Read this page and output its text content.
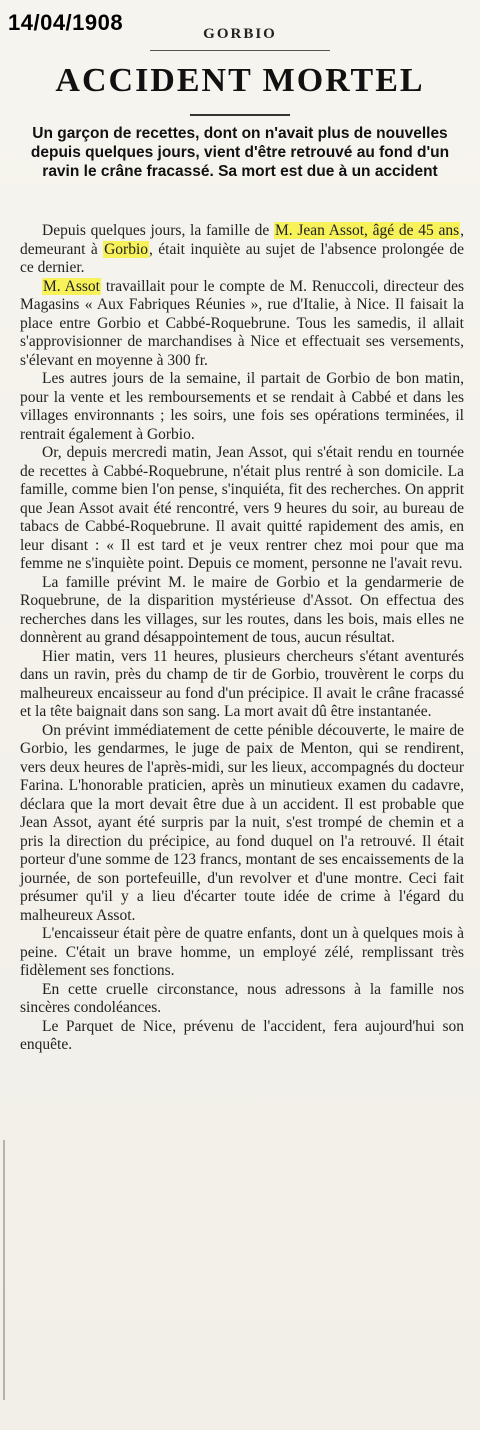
14/04/1908	GORBIO
ACCIDENT MORTEL
Un garçon de recettes, dont on n'avait plus de nouvelles depuis quelques jours, vient d'être retrouvé au fond d'un ravin le crâne fracassé. Sa mort est due à un accident

Depuis quelques jours, la famille de M. Jean Assot, âgé de 45 ans, demeurant à Gorbio, était inquiète au sujet de l'absence prolongée de ce dernier.

M. Assot travaillait pour le compte de M. Renuccoli, directeur des Magasins « Aux Fabriques Réunies », rue d'Italie, à Nice. Il faisait la place entre Gorbio et Cabbé-Roquebrune. Tous les samedis, il allait s'approvisionner de marchandises à Nice et effectuait ses versements, s'élevant en moyenne à 300 fr.

Les autres jours de la semaine, il partait de Gorbio de bon matin, pour la vente et les remboursements et se rendait à Cabbé et dans les villages environnants ; les soirs, une fois ses opérations terminées, il rentrait également à Gorbio.

Or, depuis mercredi matin, Jean Assot, qui s'était rendu en tournée de recettes à Cabbé-Roquebrune, n'était plus rentré à son domicile. La famille, comme bien l'on pense, s'inquiéta, fit des recherches. On apprit que Jean Assot avait été rencontré, vers 9 heures du soir, au bureau de tabacs de Cabbé-Roquebrune. Il avait quitté rapidement des amis, en leur disant : « Il est tard et je veux rentrer chez moi pour que ma femme ne s'inquiète point. Depuis ce moment, personne ne l'avait revu.

La famille prévint M. le maire de Gorbio et la gendarmerie de Roquebrune, de la disparition mystérieuse d'Assot. On effectua des recherches dans les villages, sur les routes, dans les bois, mais elles ne donnèrent au grand désappointement de tous, aucun résultat.

Hier matin, vers 11 heures, plusieurs chercheurs s'étant aventurés dans un ravin, près du champ de tir de Gorbio, trouvèrent le corps du malheureux encaisseur au fond d'un précipice. Il avait le crâne fracassé et la tête baignait dans son sang. La mort avait dû être instantanée.

On prévint immédiatement de cette pénible découverte, le maire de Gorbio, les gendarmes, le juge de paix de Menton, qui se rendirent, vers deux heures de l'après-midi, sur les lieux, accompagnés du docteur Farina. L'honorable praticien, après un minutieux examen du cadavre, déclara que la mort devait être due à un accident. Il est probable que Jean Assot, ayant été surpris par la nuit, s'est trompé de chemin et a pris la direction du précipice, au fond duquel on l'a retrouvé. Il était porteur d'une somme de 123 francs, montant de ses encaissements de la journée, de son portefeuille, d'un revolver et d'une montre. Ceci fait présumer qu'il y a lieu d'écarter toute idée de crime à l'égard du malheureux Assot.

L'encaisseur était père de quatre enfants, dont un à quelques mois à peine. C'était un brave homme, un employé zélé, remplissant très fidèlement ses fonctions.

En cette cruelle circonstance, nous adressons à la famille nos sincères condoléances.

Le Parquet de Nice, prévenu de l'accident, fera aujourd'hui son enquête.
